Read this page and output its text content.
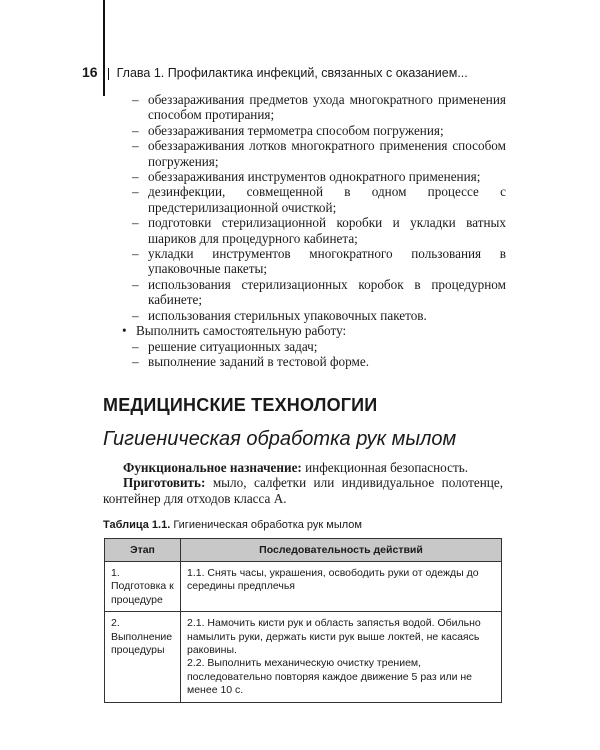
16 Глава 1. Профилактика инфекций, связанных с оказанием...
– обеззараживания предметов ухода многократного применения способом протирания;
– обеззараживания термометра способом погружения;
– обеззараживания лотков многократного применения способом погружения;
– обеззараживания инструментов однократного применения;
– дезинфекции, совмещенной в одном процессе с предстерилизационной очисткой;
– подготовки стерилизационной коробки и укладки ватных шариков для процедурного кабинета;
– укладки инструментов многократного пользования в упаковочные пакеты;
– использования стерилизационных коробок в процедурном кабинете;
– использования стерильных упаковочных пакетов.
• Выполнить самостоятельную работу:
– решение ситуационных задач;
– выполнение заданий в тестовой форме.
МЕДИЦИНСКИЕ ТЕХНОЛОГИИ
Гигиеническая обработка рук мылом

Функциональное назначение: инфекционная безопасность.

Приготовить: мыло, салфетки или индивидуальное полотенце, контейнер для отходов класса А.

Таблица 1.1. Гигиеническая обработка рук мылом
Этап	Последовательность действий
1. Подготовка к процедуре	1.1. Снять часы, украшения, освободить руки от одежды до середины предплечья

2. Выполнение процедуры	2.1. Намочить кисти рук и область запястья водой. Обильно намылить руки, держать кисти рук выше локтей, не касаясь раковины.
2.2. Выполнить механическую очистку трением, последовательно повторяя каждое движение 5 раз или не менее 10 с.
